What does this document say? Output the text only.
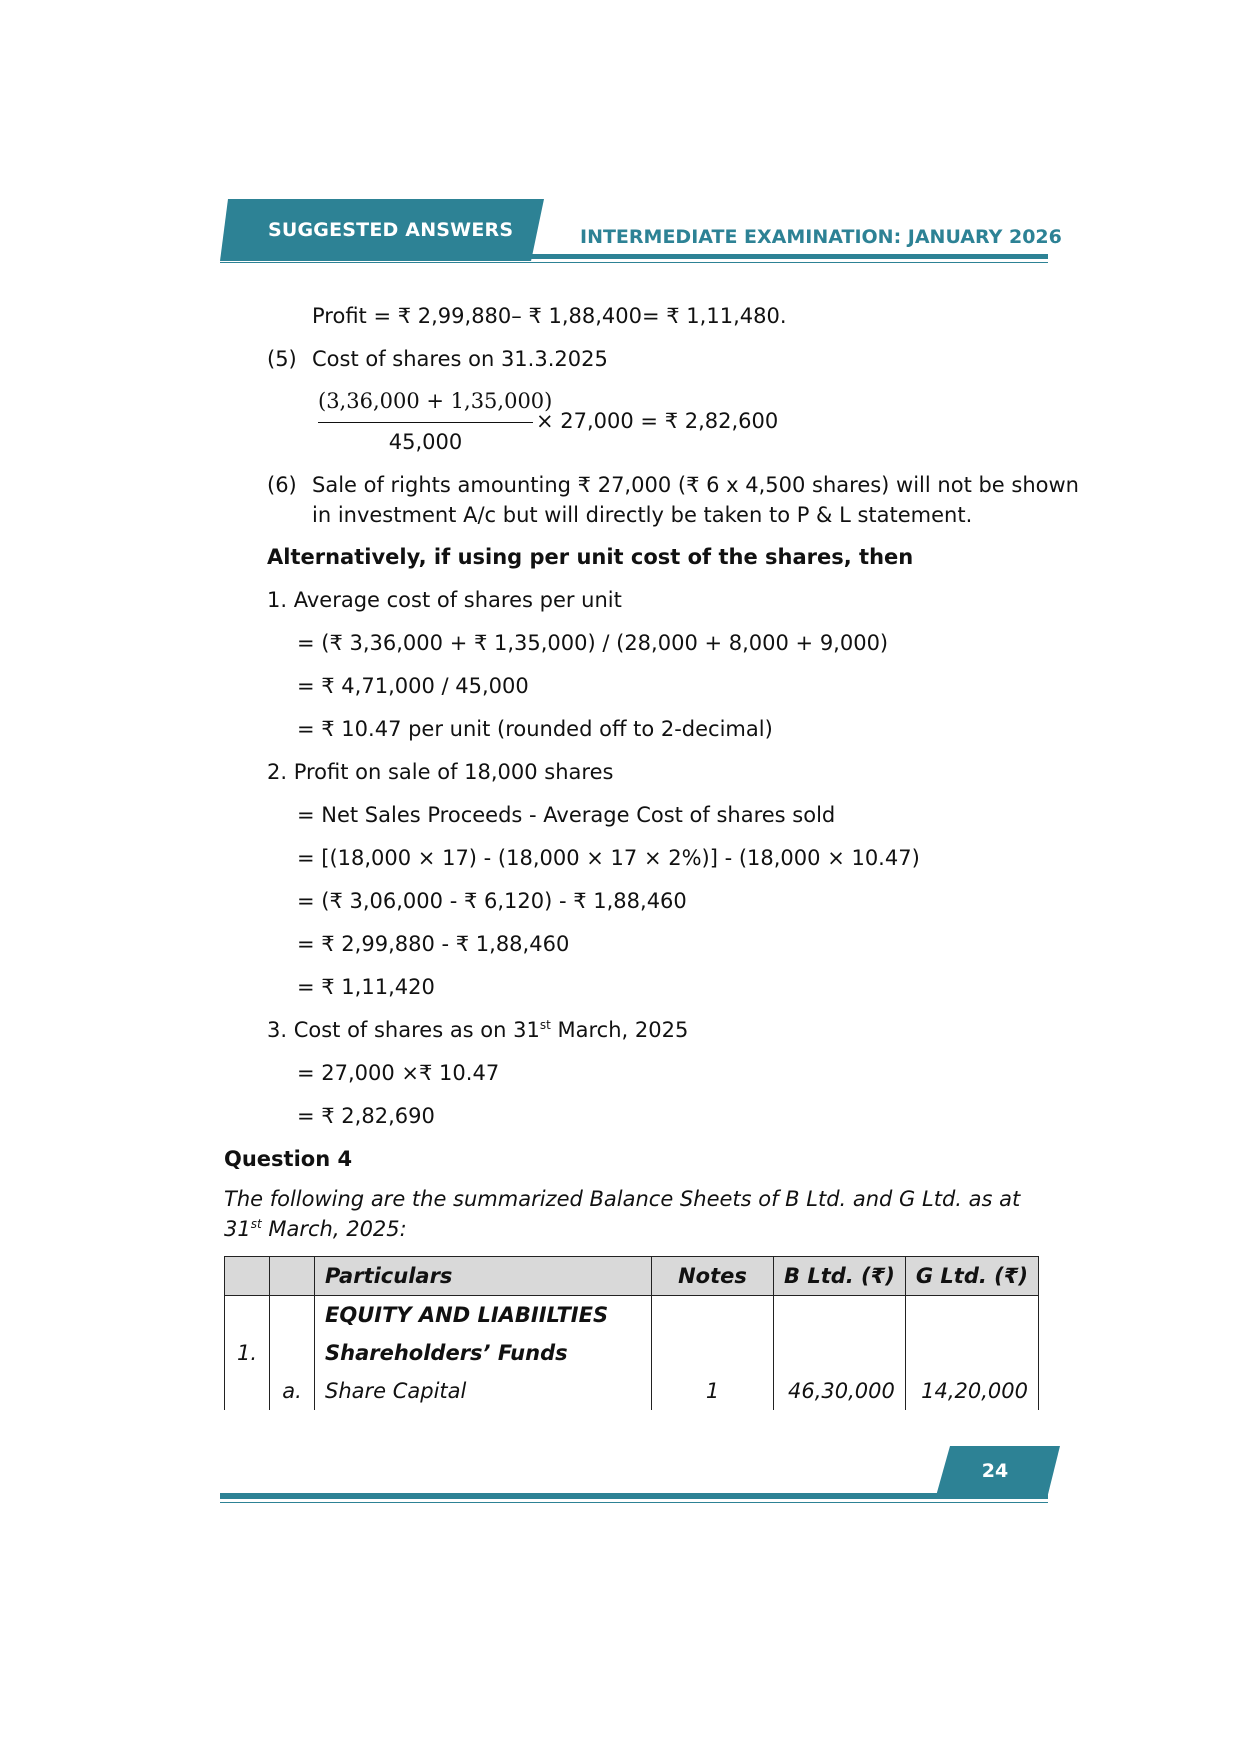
SUGGESTED ANSWERS	INTERMEDIATE EXAMINATION: JANUARY 2026
Profit = ₹ 2,99,880– ₹ 1,88,400= ₹ 1,11,480.
(5) Cost of shares on 31.3.2025
(3,36,000 + 1,35,000)
45,000
× 27,000 = ₹ 2,82,600
(6) Sale of rights amounting ₹ 27,000 (₹ 6 x 4,500 shares) will not be shown
in investment A/c but will directly be taken to P & L statement.
Alternatively, if using per unit cost of the shares, then
1. Average cost of shares per unit
= (₹ 3,36,000 + ₹ 1,35,000) / (28,000 + 8,000 + 9,000)
= ₹ 4,71,000 / 45,000
= ₹ 10.47 per unit (rounded off to 2-decimal)
2. Profit on sale of 18,000 shares
= Net Sales Proceeds - Average Cost of shares sold
= [(18,000 × 17) - (18,000 × 17 × 2%)] - (18,000 × 10.47)
= (₹ 3,06,000 - ₹ 6,120) - ₹ 1,88,460
= ₹ 2,99,880 - ₹ 1,88,460
= ₹ 1,11,420
3. Cost of shares as on 31st March, 2025
= 27,000 ×₹ 10.47
= ₹ 2,82,690
Question 4
The following are the summarized Balance Sheets of B Ltd. and G Ltd. as at
31st March, 2025:
		Particulars	Notes	B Ltd. (₹)	G Ltd. (₹)
		EQUITY AND LIABIILTIES			
1.		Shareholders’ Funds			
	a.	Share Capital	1	46,30,000	14,20,000
24
